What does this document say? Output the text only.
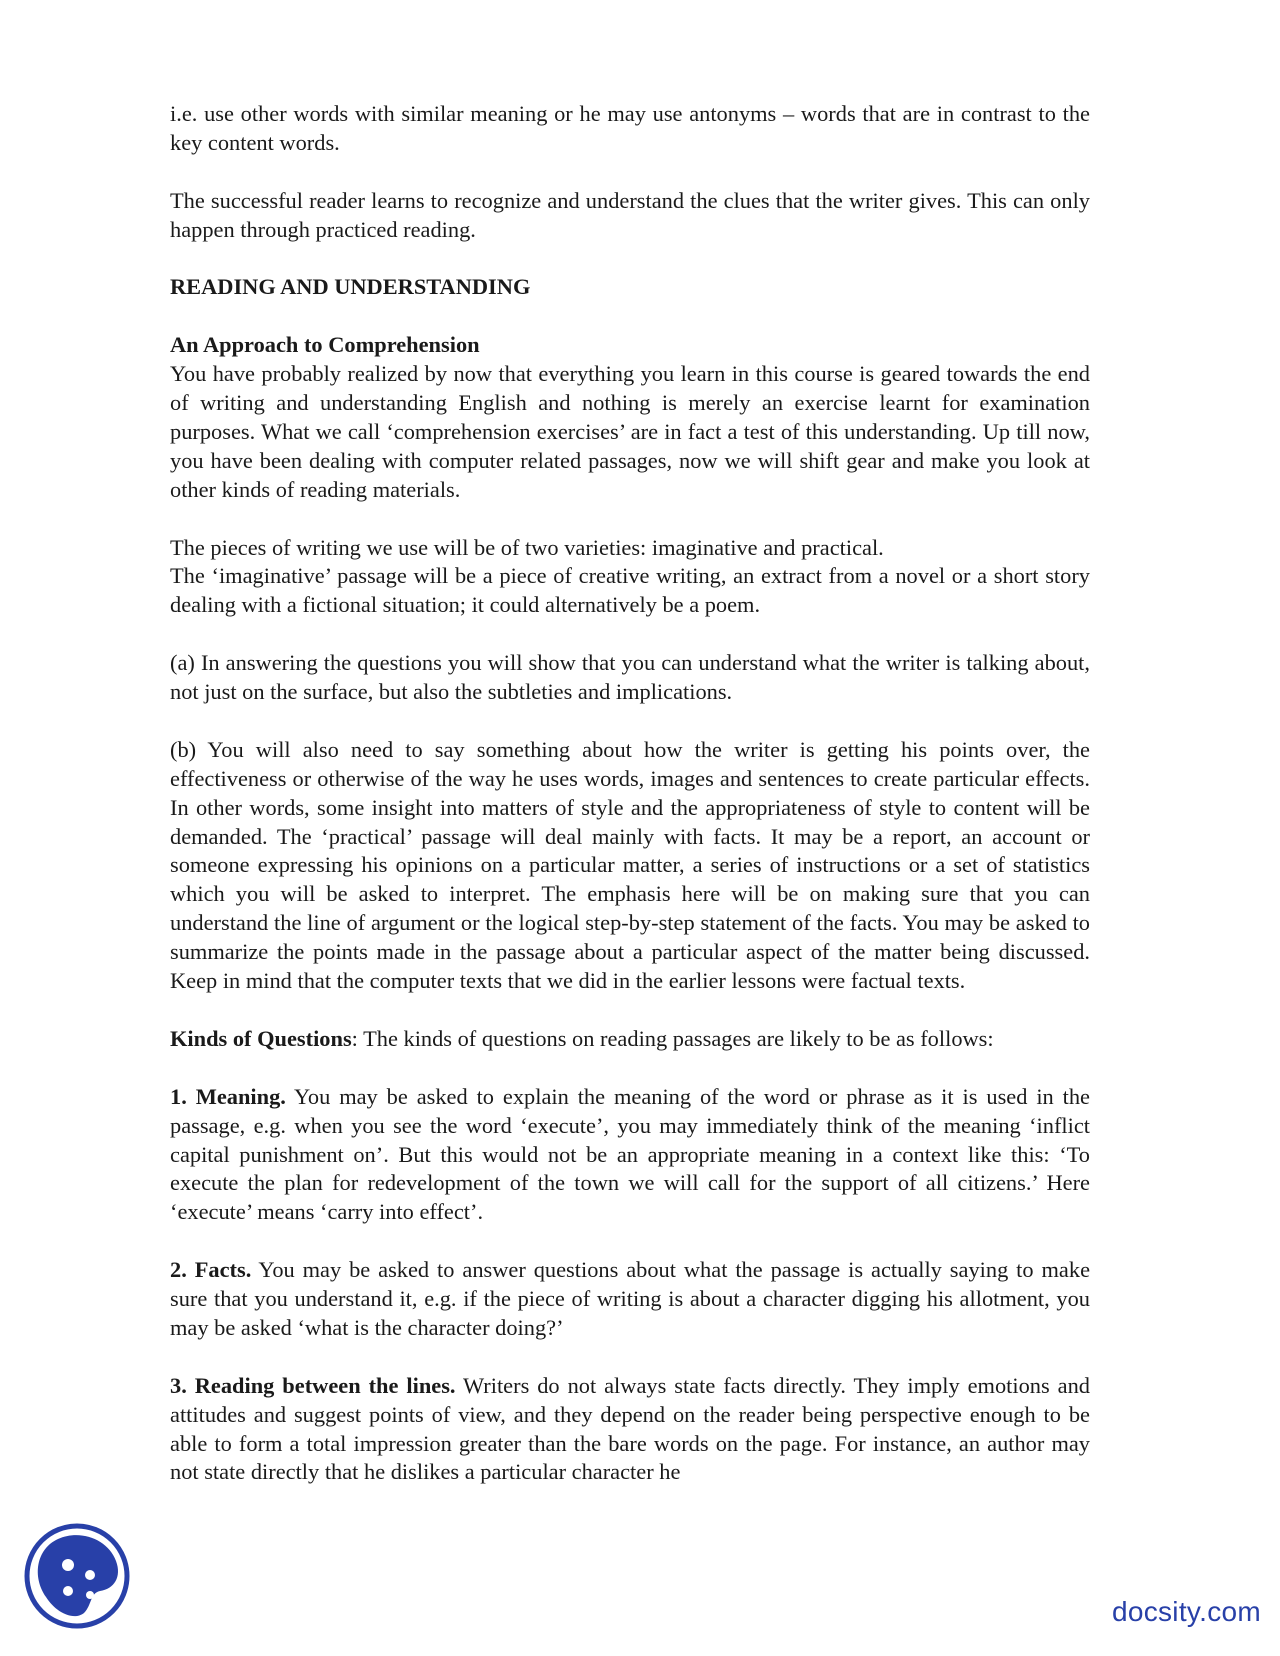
i.e. use other words with similar meaning or he may use antonyms – words that are in contrast to the key content words.

The successful reader learns to recognize and understand the clues that the writer gives. This can only happen through practiced reading.

READING AND UNDERSTANDING
An Approach to Comprehension

You have probably realized by now that everything you learn in this course is geared towards the end of writing and understanding English and nothing is merely an exercise learnt for examination purposes. What we call ‘comprehension exercises’ are in fact a test of this understanding. Up till now, you have been dealing with computer related passages, now we will shift gear and make you look at other kinds of reading materials.

The pieces of writing we use will be of two varieties: imaginative and practical.

The ‘imaginative’ passage will be a piece of creative writing, an extract from a novel or a short story dealing with a fictional situation; it could alternatively be a poem.

(a) In answering the questions you will show that you can understand what the writer is talking about, not just on the surface, but also the subtleties and implications.

(b) You will also need to say something about how the writer is getting his points over, the effectiveness or otherwise of the way he uses words, images and sentences to create particular effects. In other words, some insight into matters of style and the appropriateness of style to content will be demanded. The ‘practical’ passage will deal mainly with facts. It may be a report, an account or someone expressing his opinions on a particular matter, a series of instructions or a set of statistics which you will be asked to interpret. The emphasis here will be on making sure that you can understand the line of argument or the logical step-by-step statement of the facts. You may be asked to summarize the points made in the passage about a particular aspect of the matter being discussed. Keep in mind that the computer texts that we did in the earlier lessons were factual texts.

Kinds of Questions: The kinds of questions on reading passages are likely to be as follows:

1. Meaning. You may be asked to explain the meaning of the word or phrase as it is used in the passage, e.g. when you see the word ‘execute’, you may immediately think of the meaning ‘inflict capital punishment on’. But this would not be an appropriate meaning in a context like this: ‘To execute the plan for redevelopment of the town we will call for the support of all citizens.’ Here ‘execute’ means ‘carry into effect’.

2. Facts. You may be asked to answer questions about what the passage is actually saying to make sure that you understand it, e.g. if the piece of writing is about a character digging his allotment, you may be asked ‘what is the character doing?’

3. Reading between the lines. Writers do not always state facts directly. They imply emotions and attitudes and suggest points of view, and they depend on the reader being perspective enough to be able to form a total impression greater than the bare words on the page. For instance, an author may not state directly that he dislikes a particular character he

docsity.com
